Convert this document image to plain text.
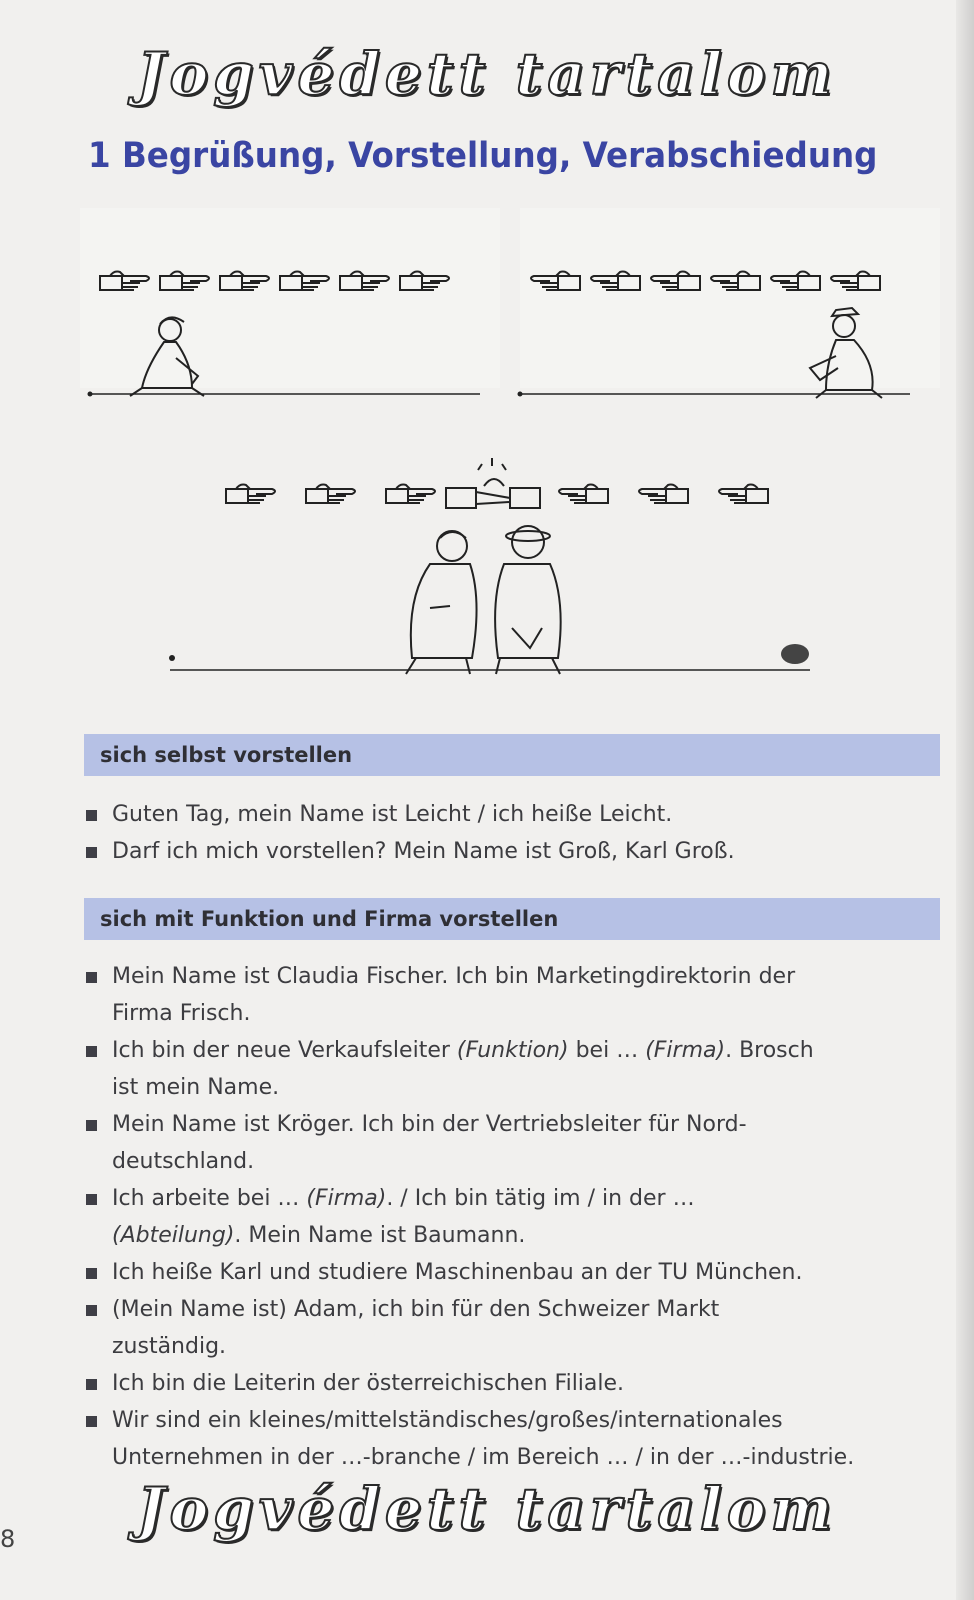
Jogvédett tartalom
1 Begrüßung, Vorstellung, Verabschiedung
sich selbst vorstellen
Guten Tag, mein Name ist Leicht / ich heiße Leicht.
Darf ich mich vorstellen? Mein Name ist Groß, Karl Groß.
sich mit Funktion und Firma vorstellen
Mein Name ist Claudia Fischer. Ich bin Marketingdirektorin der
Firma Frisch.
Ich bin der neue Verkaufsleiter (Funktion) bei … (Firma). Brosch
ist mein Name.
Mein Name ist Kröger. Ich bin der Vertriebsleiter für Nord-
deutschland.
Ich arbeite bei … (Firma). / Ich bin tätig im / in der …
(Abteilung). Mein Name ist Baumann.
Ich heiße Karl und studiere Maschinenbau an der TU München.
(Mein Name ist) Adam, ich bin für den Schweizer Markt
zuständig.
Ich bin die Leiterin der österreichischen Filiale.
Wir sind ein kleines/mittelständisches/großes/internationales
Unternehmen in der …-branche / im Bereich … / in der …-industrie.
Jogvédett tartalom
8
